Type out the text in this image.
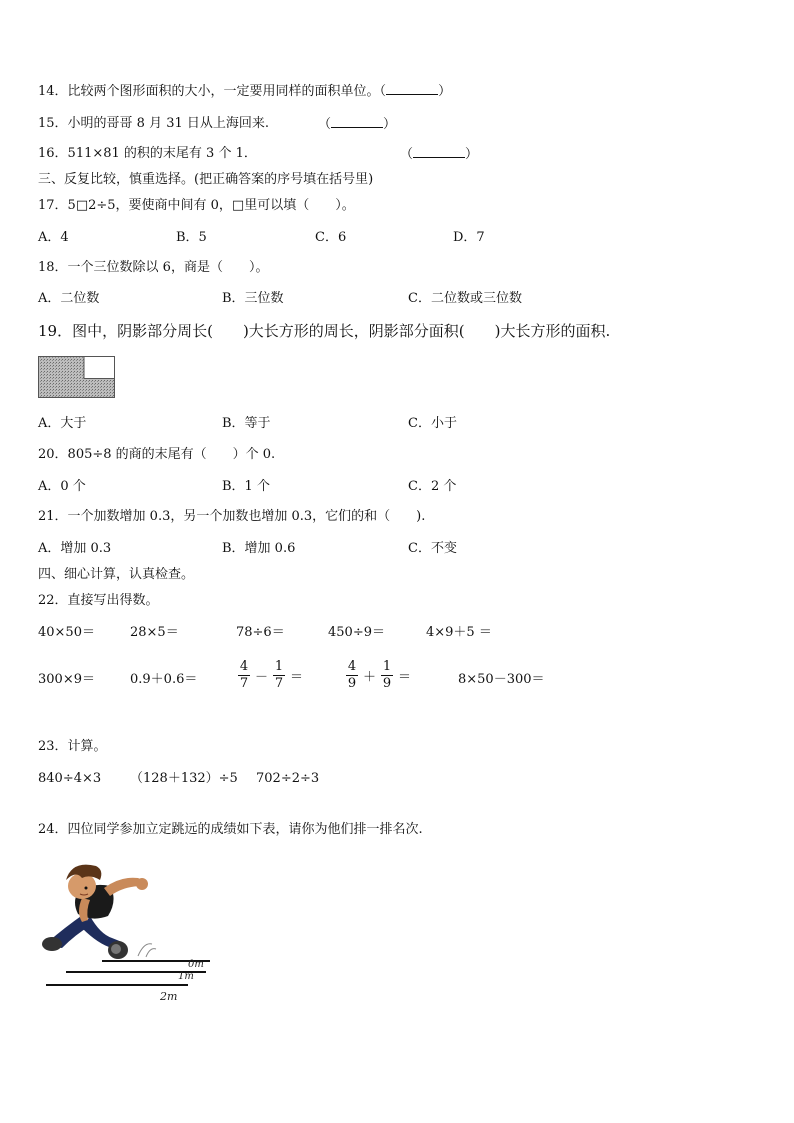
14．比较两个图形面积的大小，一定要用同样的面积单位。（	）
15．小明的哥哥 8 月 31 日从上海回来.	（	）
16．511×81 的积的末尾有 3 个 1．	（	）
三、反复比较，慎重选择。(把正确答案的序号填在括号里)
17．5□2÷5，要使商中间有 0，□里可以填（　　）。
A．4	B．5	C．6	D．7
18．一个三位数除以 6，商是（　　）。
A．二位数	B．三位数	C．二位数或三位数
19．图中，阴影部分周长(　　)大长方形的周长，阴影部分面积(　　)大长方形的面积.
A．大于	B．等于	C．小于
20．805÷8 的商的末尾有（　　）个 0.
A．0 个	B．1 个	C．2 个
21．一个加数增加 0.3，另一个加数也增加 0.3，它们的和（　　).
A．增加 0.3	B．增加 0.6	C．不变
四、细心计算，认真检查。
22．直接写出得数。
40×50＝	28×5＝	78÷6＝	450÷9＝	4×9＋5 ＝
300×9＝	0.9＋0.6＝	$\frac{4}{7} - \frac{1}{7}$ ＝	$\frac{4}{9} + \frac{1}{9}$ ＝	8×50－300＝
23．计算。
840÷4×3 （128＋132）÷5 702÷2÷3
24．四位同学参加立定跳远的成绩如下表，请你为他们排一排名次.
0m
1m
2m
